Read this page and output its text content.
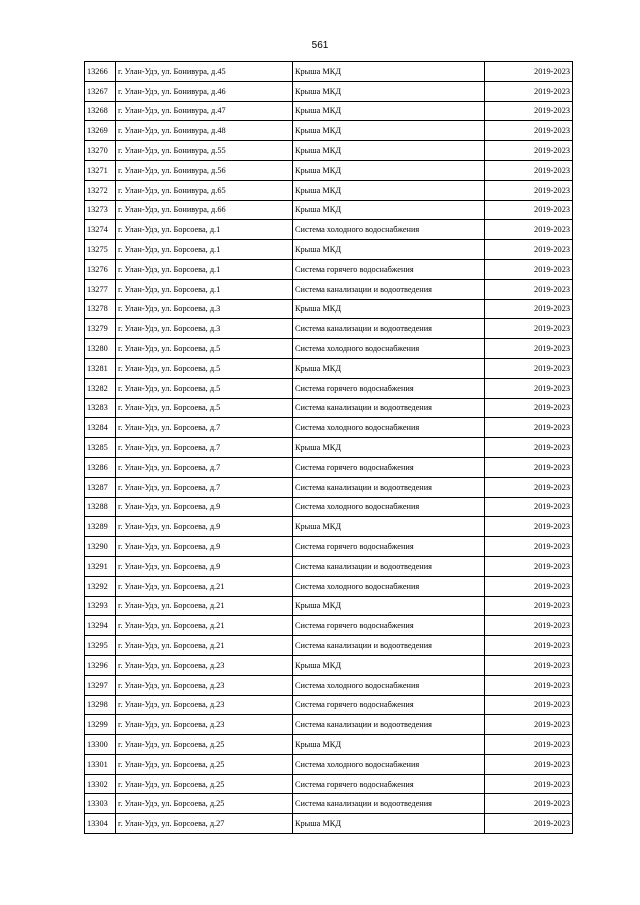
561
13266	г. Улан-Удэ, ул. Бонивура, д.45	Крыша МКД	2019-2023
13267	г. Улан-Удэ, ул. Бонивура, д.46	Крыша МКД	2019-2023
13268	г. Улан-Удэ, ул. Бонивура, д.47	Крыша МКД	2019-2023
13269	г. Улан-Удэ, ул. Бонивура, д.48	Крыша МКД	2019-2023
13270	г. Улан-Удэ, ул. Бонивура, д.55	Крыша МКД	2019-2023
13271	г. Улан-Удэ, ул. Бонивура, д.56	Крыша МКД	2019-2023
13272	г. Улан-Удэ, ул. Бонивура, д.65	Крыша МКД	2019-2023
13273	г. Улан-Удэ, ул. Бонивура, д.66	Крыша МКД	2019-2023
13274	г. Улан-Удэ, ул. Борсоева, д.1	Система холодного водоснабжения	2019-2023
13275	г. Улан-Удэ, ул. Борсоева, д.1	Крыша МКД	2019-2023
13276	г. Улан-Удэ, ул. Борсоева, д.1	Система горячего водоснабжения	2019-2023
13277	г. Улан-Удэ, ул. Борсоева, д.1	Система канализации и водоотведения	2019-2023
13278	г. Улан-Удэ, ул. Борсоева, д.3	Крыша МКД	2019-2023
13279	г. Улан-Удэ, ул. Борсоева, д.3	Система канализации и водоотведения	2019-2023
13280	г. Улан-Удэ, ул. Борсоева, д.5	Система холодного водоснабжения	2019-2023
13281	г. Улан-Удэ, ул. Борсоева, д.5	Крыша МКД	2019-2023
13282	г. Улан-Удэ, ул. Борсоева, д.5	Система горячего водоснабжения	2019-2023
13283	г. Улан-Удэ, ул. Борсоева, д.5	Система канализации и водоотведения	2019-2023
13284	г. Улан-Удэ, ул. Борсоева, д.7	Система холодного водоснабжения	2019-2023
13285	г. Улан-Удэ, ул. Борсоева, д.7	Крыша МКД	2019-2023
13286	г. Улан-Удэ, ул. Борсоева, д.7	Система горячего водоснабжения	2019-2023
13287	г. Улан-Удэ, ул. Борсоева, д.7	Система канализации и водоотведения	2019-2023
13288	г. Улан-Удэ, ул. Борсоева, д.9	Система холодного водоснабжения	2019-2023
13289	г. Улан-Удэ, ул. Борсоева, д.9	Крыша МКД	2019-2023
13290	г. Улан-Удэ, ул. Борсоева, д.9	Система горячего водоснабжения	2019-2023
13291	г. Улан-Удэ, ул. Борсоева, д.9	Система канализации и водоотведения	2019-2023
13292	г. Улан-Удэ, ул. Борсоева, д.21	Система холодного водоснабжения	2019-2023
13293	г. Улан-Удэ, ул. Борсоева, д.21	Крыша МКД	2019-2023
13294	г. Улан-Удэ, ул. Борсоева, д.21	Система горячего водоснабжения	2019-2023
13295	г. Улан-Удэ, ул. Борсоева, д.21	Система канализации и водоотведения	2019-2023
13296	г. Улан-Удэ, ул. Борсоева, д.23	Крыша МКД	2019-2023
13297	г. Улан-Удэ, ул. Борсоева, д.23	Система холодного водоснабжения	2019-2023
13298	г. Улан-Удэ, ул. Борсоева, д.23	Система горячего водоснабжения	2019-2023
13299	г. Улан-Удэ, ул. Борсоева, д.23	Система канализации и водоотведения	2019-2023
13300	г. Улан-Удэ, ул. Борсоева, д.25	Крыша МКД	2019-2023
13301	г. Улан-Удэ, ул. Борсоева, д.25	Система холодного водоснабжения	2019-2023
13302	г. Улан-Удэ, ул. Борсоева, д.25	Система горячего водоснабжения	2019-2023
13303	г. Улан-Удэ, ул. Борсоева, д.25	Система канализации и водоотведения	2019-2023
13304	г. Улан-Удэ, ул. Борсоева, д.27	Крыша МКД	2019-2023
